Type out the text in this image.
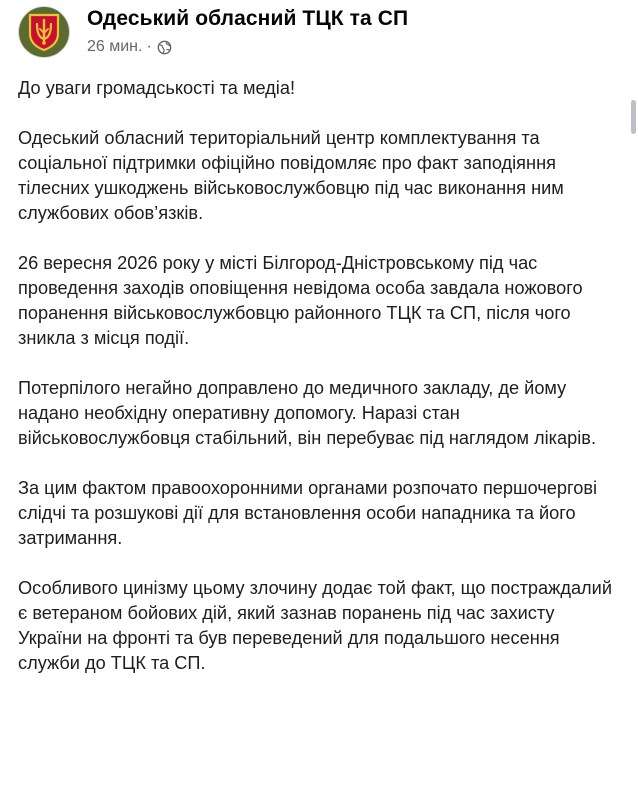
Одеський обласний ТЦК та СП
26 мин. ·

До уваги громадськості та медіа!

Одеський обласний територіальний центр комплектування та соціальної підтримки офіційно повідомляє про факт заподіяння тілесних ушкоджень військовослужбовцю під час виконання ним службових обов’язків.

26 вересня 2026 року у місті Білгород-Дністровському під час проведення заходів оповіщення невідома особа завдала ножового поранення військовослужбовцю районного ТЦК та СП, після чого зникла з місця події.

Потерпілого негайно доправлено до медичного закладу, де йому надано необхідну оперативну допомогу. Наразі стан військовослужбовця стабільний, він перебуває під наглядом лікарів.

За цим фактом правоохоронними органами розпочато першочергові слідчі та розшукові дії для встановлення особи нападника та його затримання.

Особливого цинізму цьому злочину додає той факт, що постраждалий є ветераном бойових дій, який зазнав поранень під час захисту України на фронті та був переведений для подальшого несення служби до ТЦК та СП.
